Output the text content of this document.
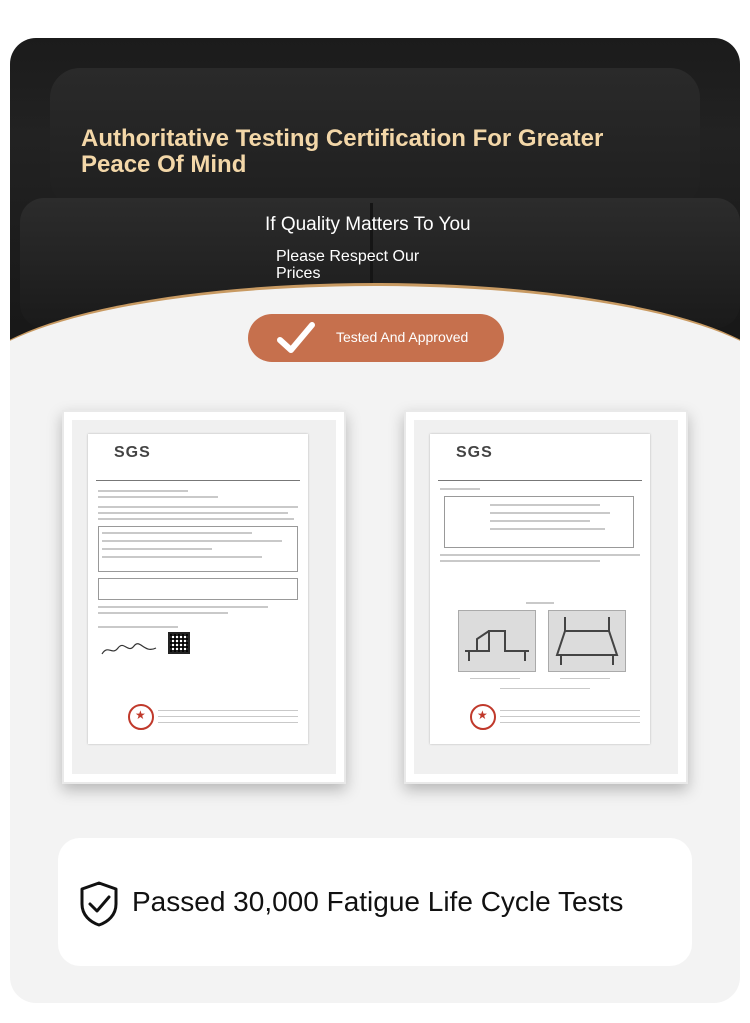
Authoritative Testing Certification For Greater Peace Of Mind

If Quality Matters To You

Please Respect Our Prices

Tested And Approved
SGS
★	SGS
★
Passed 30,000 Fatigue Life Cycle Tests
